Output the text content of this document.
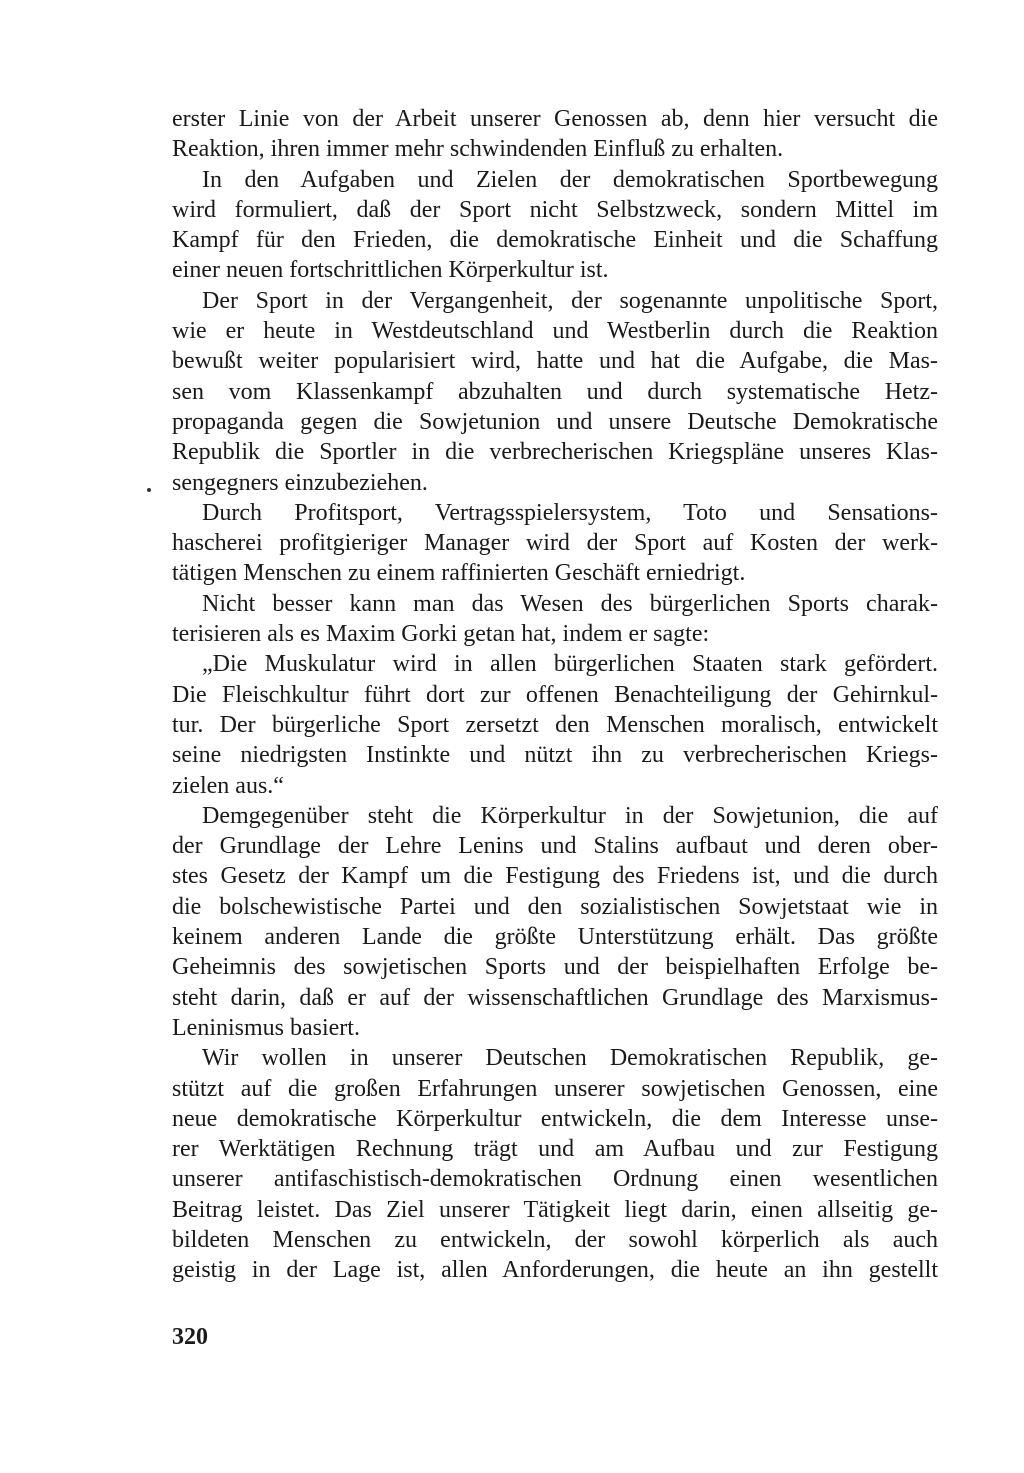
erster Linie von der Arbeit unserer Genossen ab, denn hier versucht die
Reaktion, ihren immer mehr schwindenden Einfluß zu erhalten.
In den Aufgaben und Zielen der demokratischen Sportbewegung
wird formuliert, daß der Sport nicht Selbstzweck, sondern Mittel im
Kampf für den Frieden, die demokratische Einheit und die Schaffung
einer neuen fortschrittlichen Körperkultur ist.
Der Sport in der Vergangenheit, der sogenannte unpolitische Sport,
wie er heute in Westdeutschland und Westberlin durch die Reaktion
bewußt weiter popularisiert wird, hatte und hat die Aufgabe, die Mas-
sen vom Klassenkampf abzuhalten und durch systematische Hetz-
propaganda gegen die Sowjetunion und unsere Deutsche Demokratische
Republik die Sportler in die verbrecherischen Kriegspläne unseres Klas-
sengegners einzubeziehen.
Durch Profitsport, Vertragsspielersystem, Toto und Sensations-
hascherei profitgieriger Manager wird der Sport auf Kosten der werk-
tätigen Menschen zu einem raffinierten Geschäft erniedrigt.
Nicht besser kann man das Wesen des bürgerlichen Sports charak-
terisieren als es Maxim Gorki getan hat, indem er sagte:
„Die Muskulatur wird in allen bürgerlichen Staaten stark gefördert.
Die Fleischkultur führt dort zur offenen Benachteiligung der Gehirnkul-
tur. Der bürgerliche Sport zersetzt den Menschen moralisch, entwickelt
seine niedrigsten Instinkte und nützt ihn zu verbrecherischen Kriegs-
zielen aus.“
Demgegenüber steht die Körperkultur in der Sowjetunion, die auf
der Grundlage der Lehre Lenins und Stalins aufbaut und deren ober-
stes Gesetz der Kampf um die Festigung des Friedens ist, und die durch
die bolschewistische Partei und den sozialistischen Sowjetstaat wie in
keinem anderen Lande die größte Unterstützung erhält. Das größte
Geheimnis des sowjetischen Sports und der beispielhaften Erfolge be-
steht darin, daß er auf der wissenschaftlichen Grundlage des Marxismus-
Leninismus basiert.
Wir wollen in unserer Deutschen Demokratischen Republik, ge-
stützt auf die großen Erfahrungen unserer sowjetischen Genossen, eine
neue demokratische Körperkultur entwickeln, die dem Interesse unse-
rer Werktätigen Rechnung trägt und am Aufbau und zur Festigung
unserer antifaschistisch-demokratischen Ordnung einen wesentlichen
Beitrag leistet. Das Ziel unserer Tätigkeit liegt darin, einen allseitig ge-
bildeten Menschen zu entwickeln, der sowohl körperlich als auch
geistig in der Lage ist, allen Anforderungen, die heute an ihn gestellt
320
